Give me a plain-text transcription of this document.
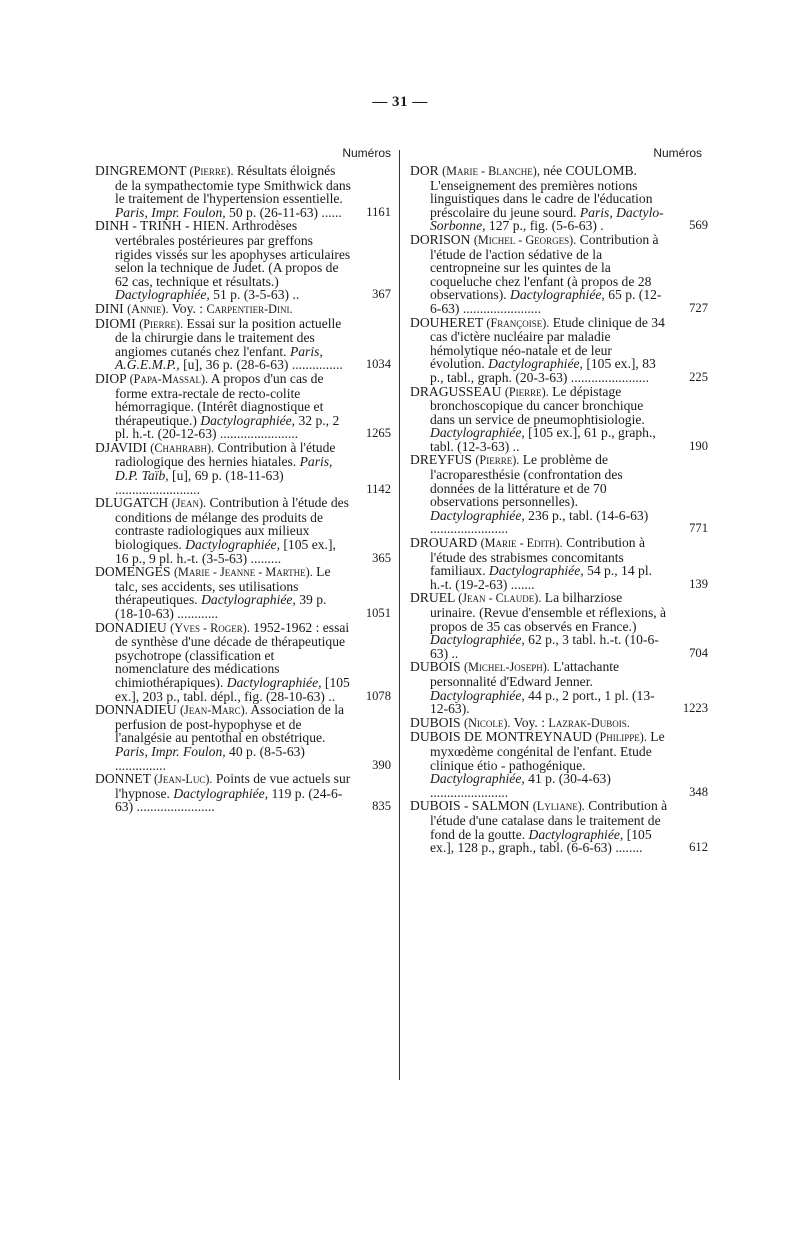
— 31 —
Numéros
DINGREMONT (Pierre). Résultats éloignés de la sympathectomie type Smithwick dans le traitement de l'hypertension essentielle. Paris, Impr. Foulon, 50 p. (26-11-63) ......	1161
DINH - TRINH - HIEN. Arthrodèses vertébrales postérieures par greffons rigides vissés sur les apophyses articulaires selon la technique de Judet. (A propos de 62 cas, technique et résultats.) Dactylographiée, 51 p. (3-5-63) ..	367
DINI (Annie). Voy. : Carpentier-Dini.
DIOMI (Pierre). Essai sur la position actuelle de la chirurgie dans le traitement des angiomes cutanés chez l'enfant. Paris, A.G.E.M.P., [u], 36 p. (28-6-63) ...............	1034
DIOP (Papa-Massal). A propos d'un cas de forme extra-rectale de recto-colite hémorragique. (Intérêt diagnostique et thérapeutique.) Dactylographiée, 32 p., 2 pl. h.-t. (20-12-63) .......................	1265
DJAVIDI (Chahrabh). Contribution à l'étude radiologique des hernies hiatales. Paris, D.P. Taïb, [u], 69 p. (18-11-63) .........................	1142
DLUGATCH (Jean). Contribution à l'étude des conditions de mélange des produits de contraste radiologiques aux milieux biologiques. Dactylographiée, [105 ex.], 16 p., 9 pl. h.-t. (3-5-63) .........	365
DOMENGES (Marie - Jeanne - Marthe). Le talc, ses accidents, ses utilisations thérapeutiques. Dactylographiée, 39 p. (18-10-63) ............	1051
DONADIEU (Yves - Roger). 1952-1962 : essai de synthèse d'une décade de thérapeutique psychotrope (classification et nomenclature des médications chimiothérapiques). Dactylographiée, [105 ex.], 203 p., tabl. dépl., fig. (28-10-63) ..	1078
DONNADIEU (Jean-Marc). Association de la perfusion de post-hypophyse et de l'analgésie au pentothal en obstétrique. Paris, Impr. Foulon, 40 p. (8-5-63) ...............	390
DONNET (Jean-Luc). Points de vue actuels sur l'hypnose. Dactylographiée, 119 p. (24-6-63) .......................	835
Numéros
DOR (Marie - Blanche), née COULOMB. L'enseignement des premières notions linguistiques dans le cadre de l'éducation préscolaire du jeune sourd. Paris, Dactylo-Sorbonne, 127 p., fig. (5-6-63) .	569
DORISON (Michel - Georges). Contribution à l'étude de l'action sédative de la centropneine sur les quintes de la coqueluche chez l'enfant (à propos de 28 observations). Dactylographiée, 65 p. (12-6-63) .......................	727
DOUHERET (Françoise). Etude clinique de 34 cas d'ictère nucléaire par maladie hémolytique néo-natale et de leur évolution. Dactylographiée, [105 ex.], 83 p., tabl., graph. (20-3-63) .......................	225
DRAGUSSEAU (Pierre). Le dépistage bronchoscopique du cancer bronchique dans un service de pneumophtisiologie. Dactylographiée, [105 ex.], 61 p., graph., tabl. (12-3-63) ..	190
DREYFUS (Pierre). Le problème de l'acroparesthésie (confrontation des données de la littérature et de 70 observations personnelles). Dactylographiée, 236 p., tabl. (14-6-63) .......................	771
DROUARD (Marie - Edith). Contribution à l'étude des strabismes concomitants familiaux. Dactylographiée, 54 p., 14 pl. h.-t. (19-2-63) .......	139
DRUEL (Jean - Claude). La bilharziose urinaire. (Revue d'ensemble et réflexions, à propos de 35 cas observés en France.) Dactylographiée, 62 p., 3 tabl. h.-t. (10-6-63) ..	704
DUBOIS (Michel-Joseph). L'attachante personnalité d'Edward Jenner. Dactylographiée, 44 p., 2 port., 1 pl. (13-12-63).	1223
DUBOIS (Nicole). Voy. : Lazrak-Dubois.
DUBOIS DE MONTREYNAUD (Philippe). Le myxœdème congénital de l'enfant. Etude clinique étio - pathogénique. Dactylographiée, 41 p. (30-4-63) .......................	348
DUBOIS - SALMON (Lyliane). Contribution à l'étude d'une catalase dans le traitement de fond de la goutte. Dactylographiée, [105 ex.], 128 p., graph., tabl. (6-6-63) ........	612
